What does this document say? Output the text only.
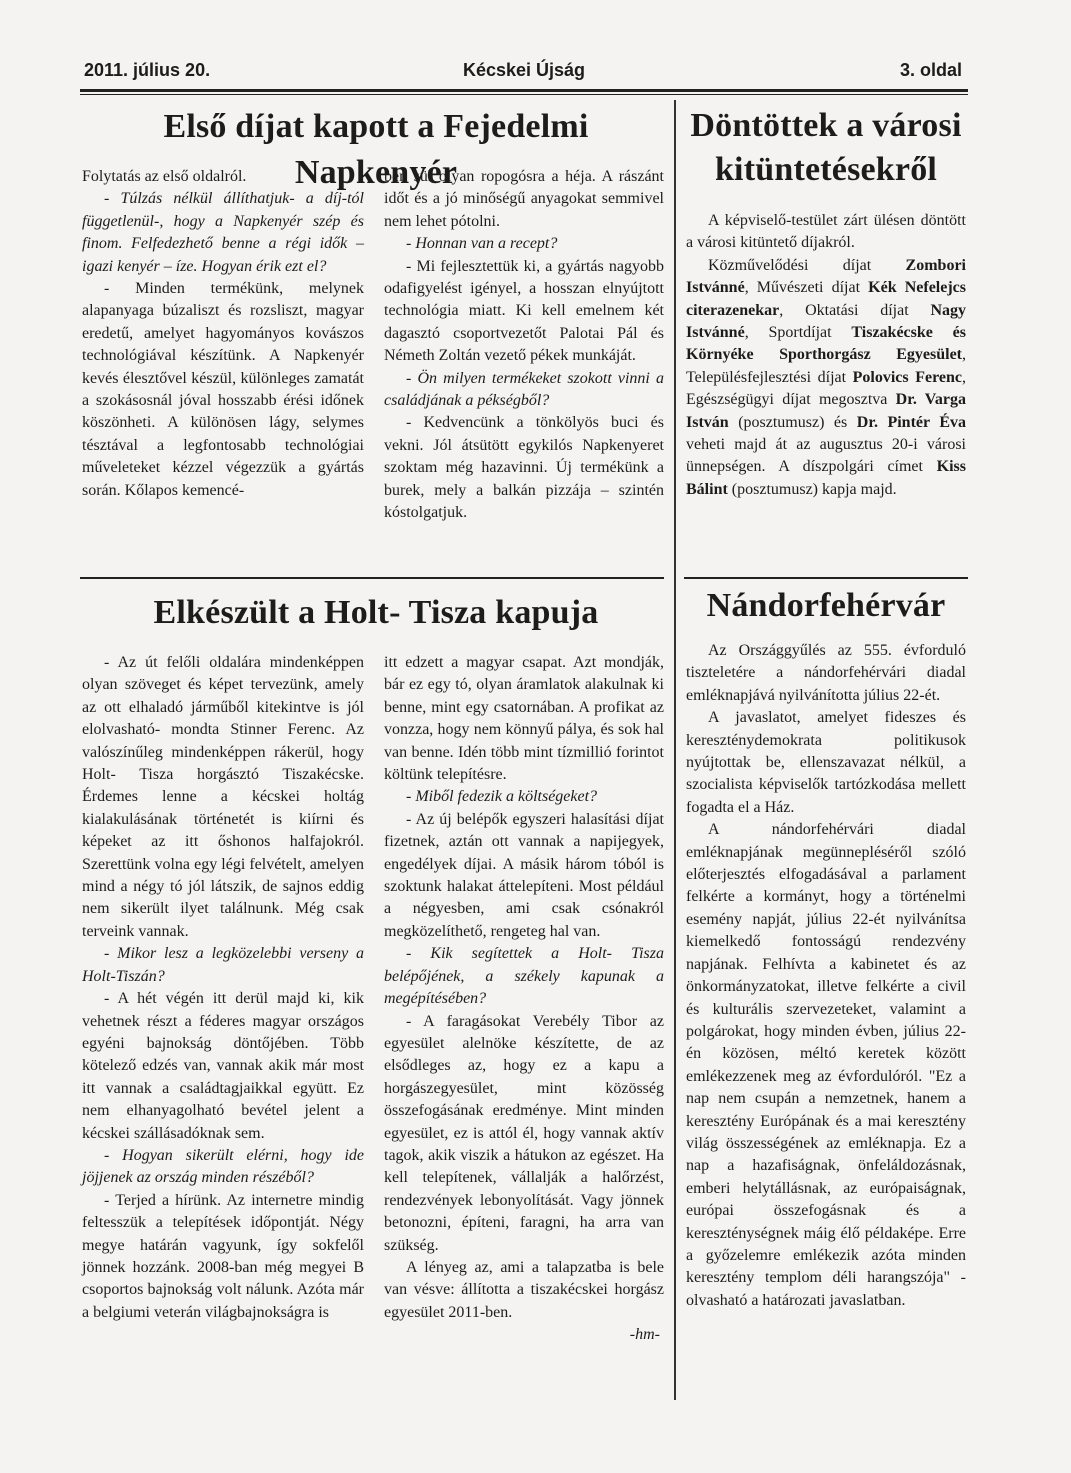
2011. július 20.	Kécskei Újság	3. oldal
Első díjat kapott a Fejedelmi Napkenyér

Folytatás az első oldalról.

- Túlzás nélkül állíthatjuk- a díj-tól függetlenül-, hogy a Napkenyér szép és finom. Felfedezhető benne a régi idők – igazi kenyér – íze. Hogyan érik ezt el?

- Minden termékünk, melynek alapanyaga búzaliszt és rozsliszt, magyar eredetű, amelyet hagyományos kovászos technológiával készítünk. A Napkenyér kevés élesztővel készül, különleges zamatát a szokásosnál jóval hosszabb érési időnek köszönheti. A különösen lágy, selymes tésztával a legfontosabb technológiai műveleteket kézzel végezzük a gyártás során. Kőlapos kemencé-

ben sül olyan ropogósra a héja. A rászánt időt és a jó minőségű anyagokat semmivel nem lehet pótolni.

- Honnan van a recept?

- Mi fejlesztettük ki, a gyártás nagyobb odafigyelést igényel, a hosszan elnyújtott technológia miatt. Ki kell emelnem két dagasztó csoportvezetőt Palotai Pál és Németh Zoltán vezető pékek munkáját.

- Ön milyen termékeket szokott vinni a családjának a pékségből?

- Kedvencünk a tönkölyös buci és vekni. Jól átsütött egykilós Napkenyeret szoktam még hazavinni. Új termékünk a burek, mely a balkán pizzája – szintén kóstolgatjuk.

Döntöttek a városi kitüntetésekről

A képviselő-testület zárt ülésen döntött a városi kitüntető díjakról.

Közművelődési díjat Zombori Istvánné, Művészeti díjat Kék Nefelejcs citerazenekar, Oktatási díjat Nagy Istvánné, Sportdíjat Tiszakécske és Környéke Sporthorgász Egyesület, Településfejlesztési díjat Polovics Ferenc, Egészségügyi díjat megosztva Dr. Varga István (posztumusz) és Dr. Pintér Éva veheti majd át az augusztus 20-i városi ünnepségen. A díszpolgári címet Kiss Bálint (posztumusz) kapja majd.

Elkészült a Holt- Tisza kapuja

- Az út felőli oldalára mindenképpen olyan szöveget és képet tervezünk, amely az ott elhaladó járműből kitekintve is jól elolvasható- mondta Stinner Ferenc. Az valószínűleg mindenképpen rákerül, hogy Holt- Tisza horgásztó Tiszakécske. Érdemes lenne a kécskei holtág kialakulásának történetét is kiírni és képeket az itt őshonos halfajokról. Szerettünk volna egy légi felvételt, amelyen mind a négy tó jól látszik, de sajnos eddig nem sikerült ilyet találnunk. Még csak terveink vannak.

- Mikor lesz a legközelebbi verseny a Holt-Tiszán?

- A hét végén itt derül majd ki, kik vehetnek részt a féderes magyar országos egyéni bajnokság döntőjében. Több kötelező edzés van, vannak akik már most itt vannak a családtagjaikkal együtt. Ez nem elhanyagolható bevétel jelent a kécskei szállásadóknak sem.

- Hogyan sikerült elérni, hogy ide jöjjenek az ország minden részéből?

- Terjed a hírünk. Az internetre mindig feltesszük a telepítések időpontját. Négy megye határán vagyunk, így sokfelől jönnek hozzánk. 2008-ban még megyei B csoportos bajnokság volt nálunk. Azóta már a belgiumi veterán világbajnokságra is

itt edzett a magyar csapat. Azt mondják, bár ez egy tó, olyan áramlatok alakulnak ki benne, mint egy csatornában. A profikat az vonzza, hogy nem könnyű pálya, és sok hal van benne. Idén több mint tízmillió forintot költünk telepítésre.

- Miből fedezik a költségeket?

- Az új belépők egyszeri halasítási díjat fizetnek, aztán ott vannak a napijegyek, engedélyek díjai. A másik három tóból is szoktunk halakat áttelepíteni. Most például a négyesben, ami csak csónakról megközelíthető, rengeteg hal van.

- Kik segítettek a Holt- Tisza belépőjének, a székely kapunak a megépítésében?

- A faragásokat Verebély Tibor az egyesület alelnöke készítette, de az elsődleges az, hogy ez a kapu a horgászegyesület, mint közösség összefogásának eredménye. Mint minden egyesület, ez is attól él, hogy vannak aktív tagok, akik viszik a hátukon az egészet. Ha kell telepítenek, vállalják a halőrzést, rendezvények lebonyolítását. Vagy jönnek betonozni, építeni, faragni, ha arra van szükség.

A lényeg az, ami a talapzatba is bele van vésve: állította a tiszakécskei horgász egyesület 2011-ben.

-hm-

Nándorfehérvár

Az Országgyűlés az 555. évforduló tiszteletére a nándorfehérvári diadal emléknapjává nyilvánította július 22-ét.

A javaslatot, amelyet fideszes és kereszténydemokrata politikusok nyújtottak be, ellenszavazat nélkül, a szocialista képviselők tartózkodása mellett fogadta el a Ház.

A nándorfehérvári diadal emléknapjának megünnepléséről szóló előterjesztés elfogadásával a parlament felkérte a kormányt, hogy a történelmi esemény napját, július 22-ét nyilvánítsa kiemelkedő fontosságú rendezvény napjának. Felhívta a kabinetet és az önkormányzatokat, illetve felkérte a civil és kulturális szervezeteket, valamint a polgárokat, hogy minden évben, július 22-én közösen, méltó keretek között emlékezzenek meg az évfordulóról. "Ez a nap nem csupán a nemzetnek, hanem a keresztény Európának és a mai keresztény világ összességének az emléknapja. Ez a nap a hazafiságnak, önfeláldozásnak, emberi helytállásnak, az európaiságnak, európai összefogásnak és a kereszténységnek máig élő példaképe. Erre a győzelemre emlékezik azóta minden keresztény templom déli harangszója" - olvasható a határozati javaslatban.
